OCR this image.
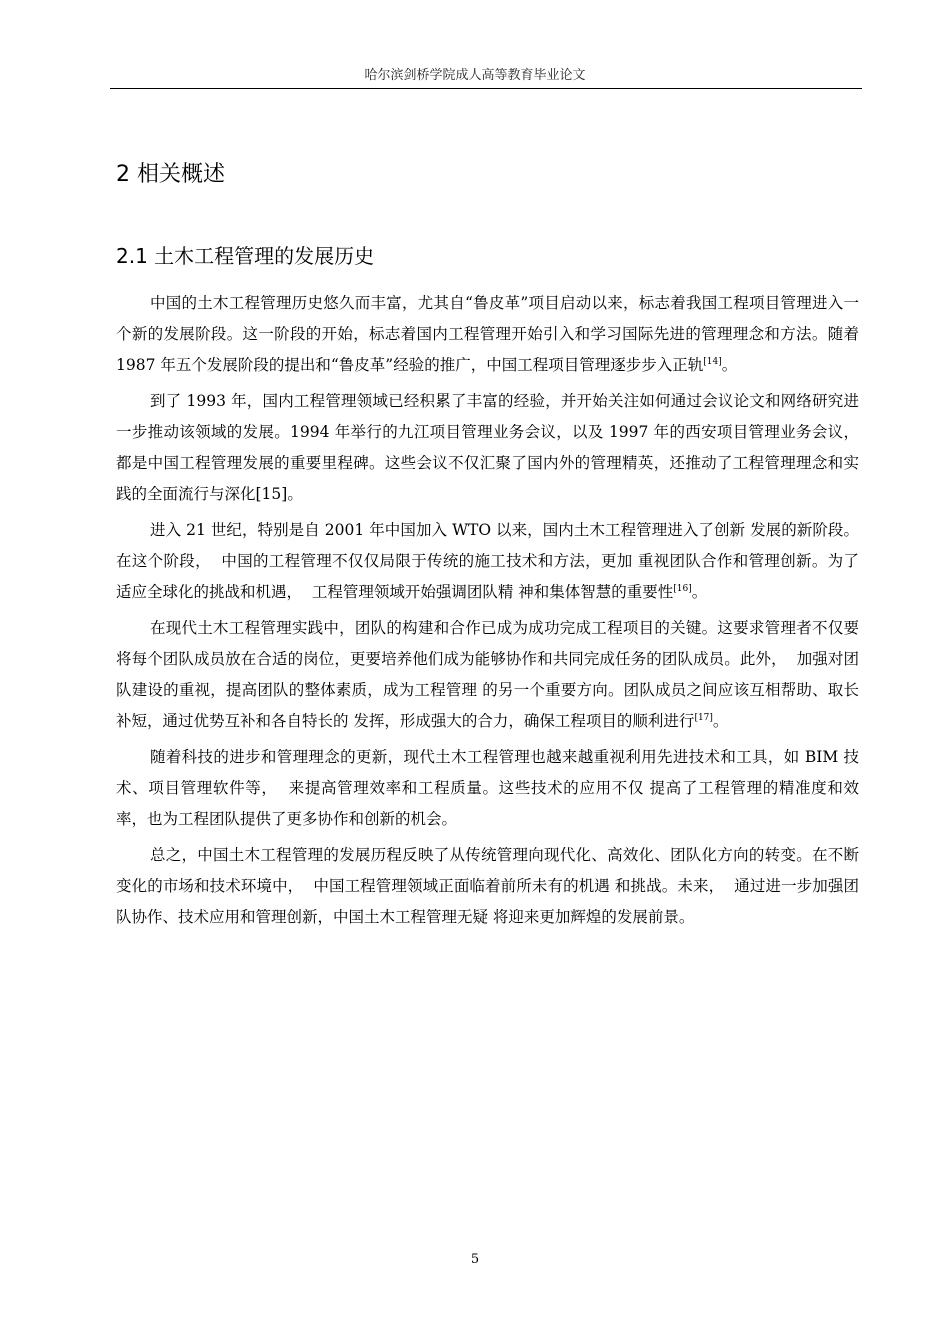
哈尔滨剑桥学院成人高等教育毕业论文
2 相关概述
2.1 土木工程管理的发展历史

中国的土木工程管理历史悠久而丰富，尤其自“鲁皮革”项目启动以来，标志着我国工程项目管理进入一个新的发展阶段。这一阶段的开始，标志着国内工程管理开始引入和学习国际先进的管理理念和方法。随着 1987 年五个发展阶段的提出和“鲁皮革”经验的推广，中国工程项目管理逐步步入正轨[14]。

到了 1993 年，国内工程管理领域已经积累了丰富的经验，并开始关注如何通过会议论文和网络研究进一步推动该领域的发展。1994 年举行的九江项目管理业务会议，以及 1997 年的西安项目管理业务会议，都是中国工程管理发展的重要里程碑。这些会议不仅汇聚了国内外的管理精英，还推动了工程管理理念和实践的全面流行与深化[15]。

进入 21 世纪，特别是自 2001 年中国加入 WTO 以来，国内土木工程管理进入了创新 发展的新阶段。在这个阶段，  中国的工程管理不仅仅局限于传统的施工技术和方法，更加 重视团队合作和管理创新。为了适应全球化的挑战和机遇，  工程管理领域开始强调团队精 神和集体智慧的重要性[16]。

在现代土木工程管理实践中，团队的构建和合作已成为成功完成工程项目的关键。这要求管理者不仅要将每个团队成员放在合适的岗位，更要培养他们成为能够协作和共同完成任务的团队成员。此外，  加强对团队建设的重视，提高团队的整体素质，成为工程管理 的另一个重要方向。团队成员之间应该互相帮助、取长补短，通过优势互补和各自特长的 发挥，形成强大的合力，确保工程项目的顺利进行[17]。

随着科技的进步和管理理念的更新，现代土木工程管理也越来越重视利用先进技术和工具，如 BIM 技术、项目管理软件等，  来提高管理效率和工程质量。这些技术的应用不仅 提高了工程管理的精准度和效率，也为工程团队提供了更多协作和创新的机会。

总之，中国土木工程管理的发展历程反映了从传统管理向现代化、高效化、团队化方向的转变。在不断变化的市场和技术环境中，  中国工程管理领域正面临着前所未有的机遇 和挑战。未来，  通过进一步加强团队协作、技术应用和管理创新，中国土木工程管理无疑 将迎来更加辉煌的发展前景。

5
